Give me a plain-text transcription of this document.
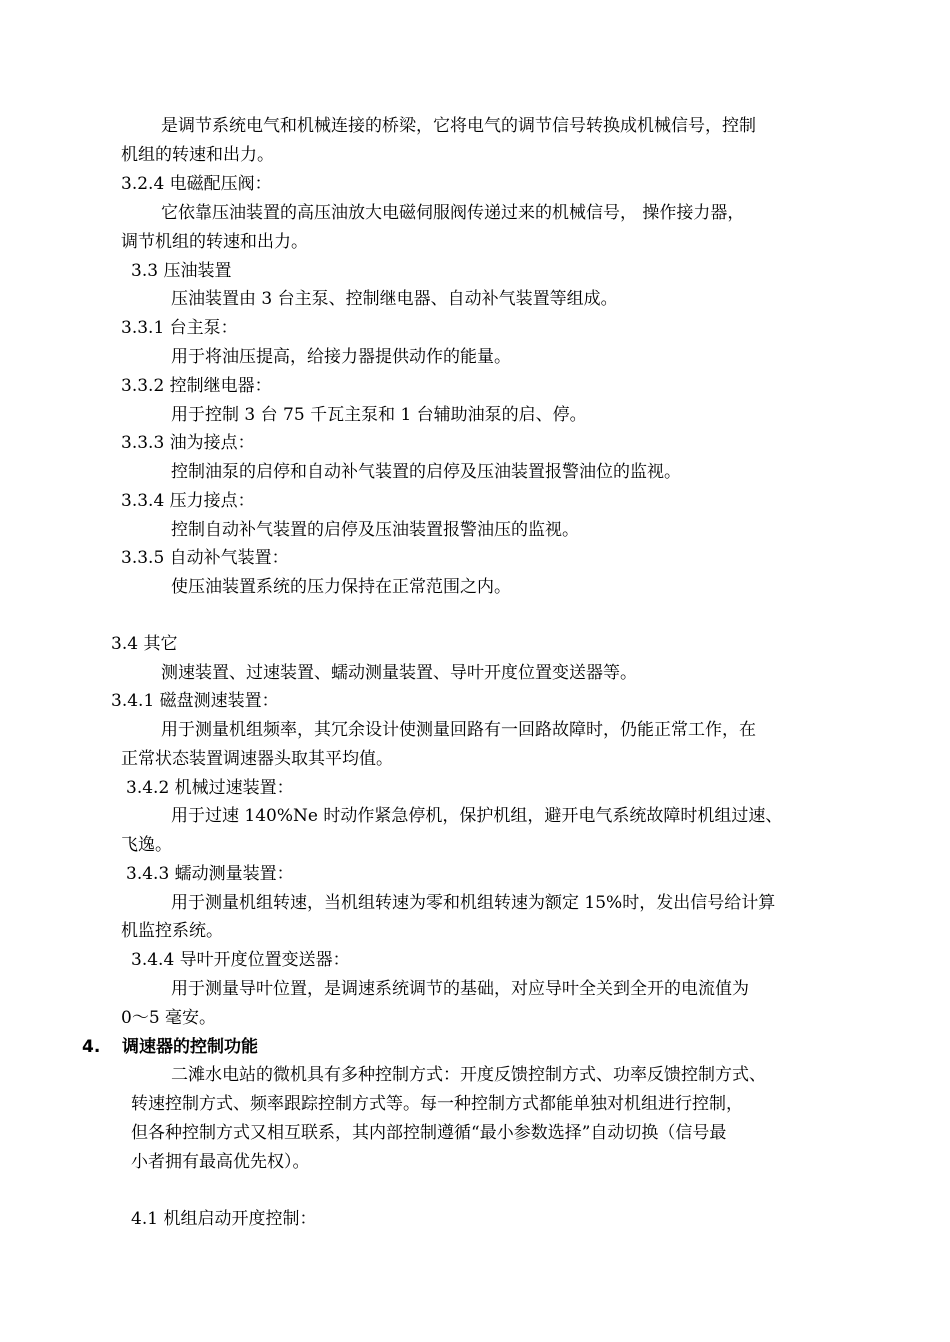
是调节系统电气和机械连接的桥梁，它将电气的调节信号转换成机械信号，控制
机组的转速和出力。
3.2.4 电磁配压阀：
它依靠压油装置的高压油放大电磁伺服阀传递过来的机械信号， 操作接力器，
调节机组的转速和出力。
3.3 压油装置
压油装置由 3 台主泵、控制继电器、自动补气装置等组成。
3.3.1 台主泵：
用于将油压提高，给接力器提供动作的能量。
3.3.2 控制继电器：
用于控制 3 台 75 千瓦主泵和 1 台辅助油泵的启、停。
3.3.3 油为接点：
控制油泵的启停和自动补气装置的启停及压油装置报警油位的监视。
3.3.4 压力接点：
控制自动补气装置的启停及压油装置报警油压的监视。
3.3.5 自动补气装置：
使压油装置系统的压力保持在正常范围之内。
3.4 其它
测速装置、过速装置、蠕动测量装置、导叶开度位置变送器等。
3.4.1 磁盘测速装置：
用于测量机组频率，其冗余设计使测量回路有一回路故障时，仍能正常工作，在
正常状态装置调速器头取其平均值。
3.4.2 机械过速装置：
用于过速 140%Ne 时动作紧急停机，保护机组，避开电气系统故障时机组过速、
飞逸。
3.4.3 蠕动测量装置：
用于测量机组转速，当机组转速为零和机组转速为额定 15%时，发出信号给计算
机监控系统。
3.4.4 导叶开度位置变送器：
用于测量导叶位置，是调速系统调节的基础，对应导叶全关到全开的电流值为
0～5 毫安。
4. 调速器的控制功能
二滩水电站的微机具有多种控制方式：开度反馈控制方式、功率反馈控制方式、
转速控制方式、频率跟踪控制方式等。每一种控制方式都能单独对机组进行控制，
但各种控制方式又相互联系，其内部控制遵循“最小参数选择”自动切换（信号最
小者拥有最高优先权）。
4.1 机组启动开度控制：
